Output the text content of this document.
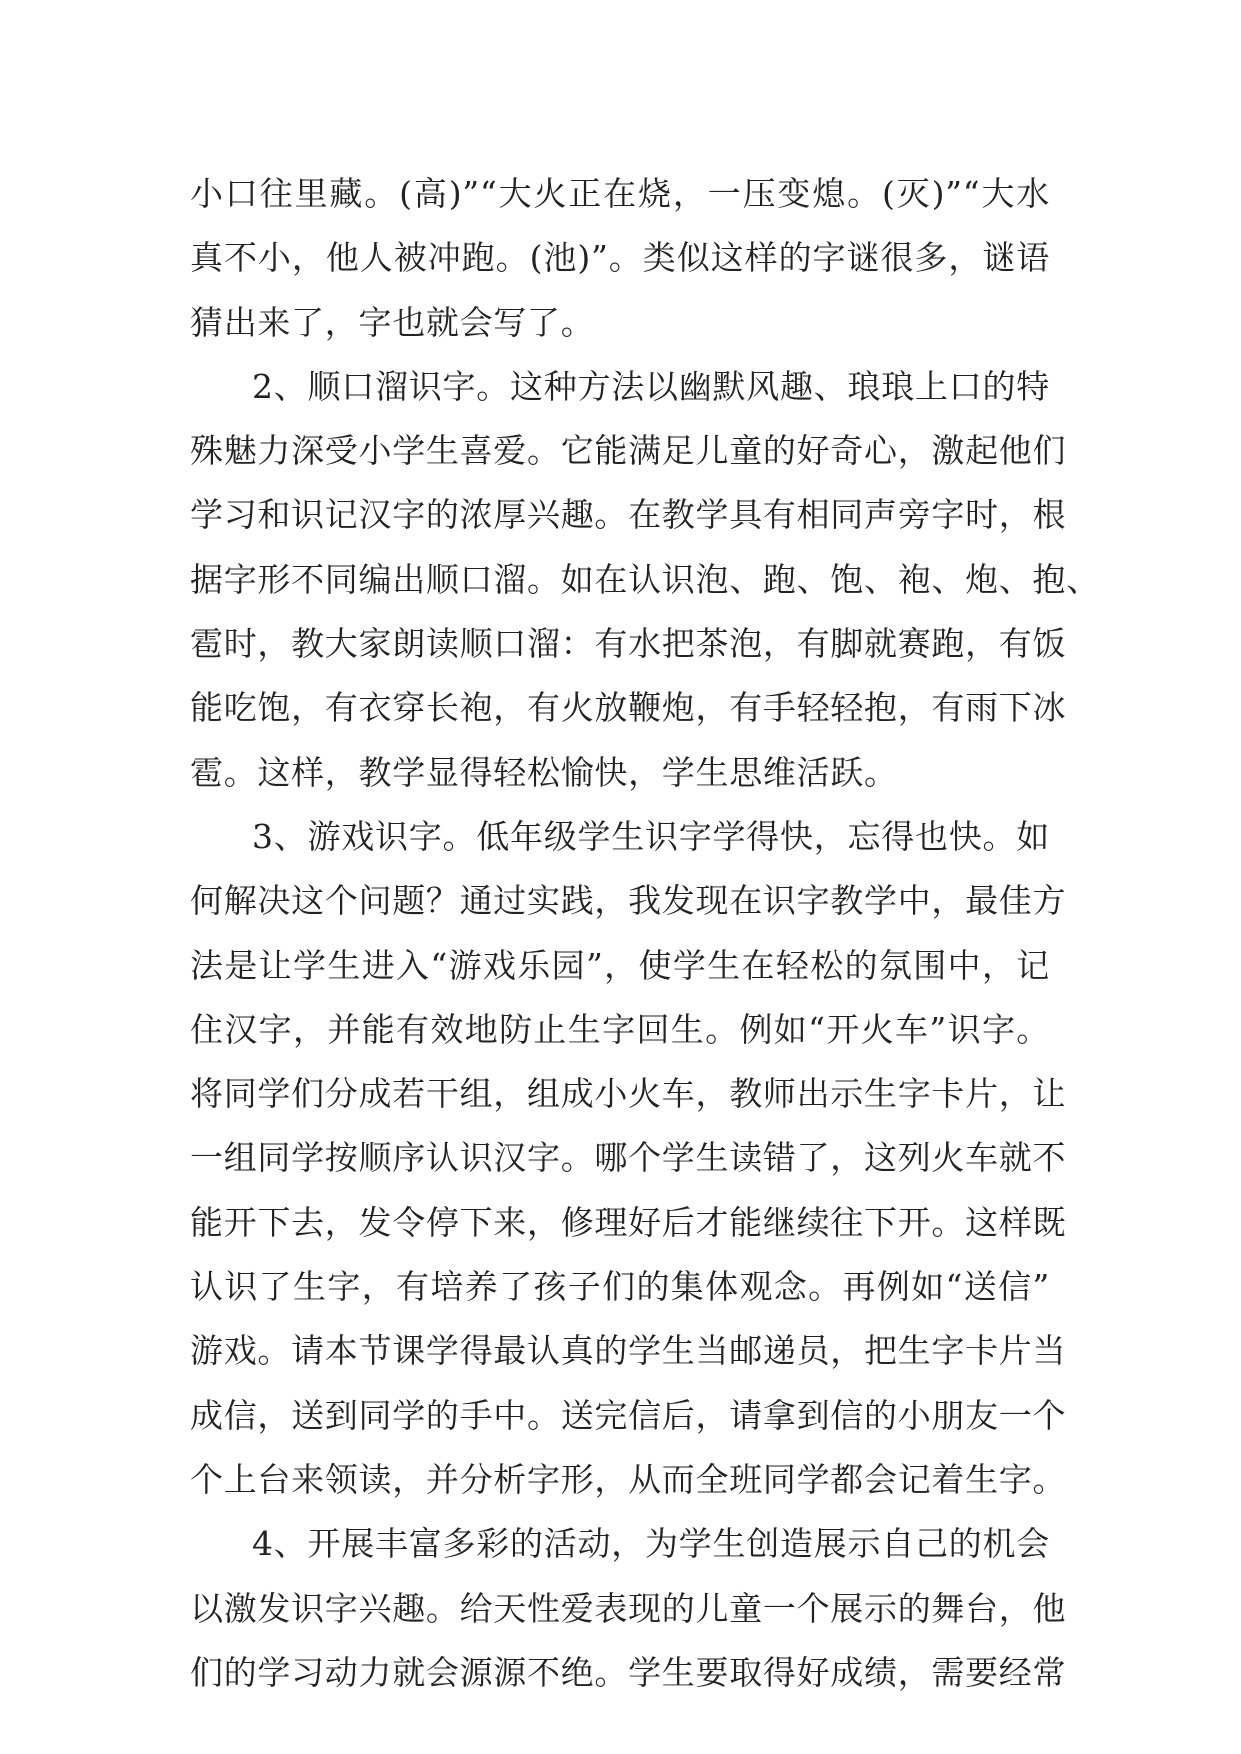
小口往里藏。(高)”“大火正在烧，一压变熄。(灭)”“大水
真不小，他人被冲跑。(池)”。类似这样的字谜很多，谜语
猜出来了，字也就会写了。
2、顺口溜识字。这种方法以幽默风趣、琅琅上口的特
殊魅力深受小学生喜爱。它能满足儿童的好奇心，激起他们
学习和识记汉字的浓厚兴趣。在教学具有相同声旁字时，根
据字形不同编出顺口溜。如在认识泡、跑、饱、袍、炮、抱、
雹时，教大家朗读顺口溜：有水把茶泡，有脚就赛跑，有饭
能吃饱，有衣穿长袍，有火放鞭炮，有手轻轻抱，有雨下冰
雹。这样，教学显得轻松愉快，学生思维活跃。
3、游戏识字。低年级学生识字学得快，忘得也快。如
何解决这个问题？通过实践，我发现在识字教学中，最佳方
法是让学生进入“游戏乐园”，使学生在轻松的氛围中，记
住汉字，并能有效地防止生字回生。例如“开火车”识字。
将同学们分成若干组，组成小火车，教师出示生字卡片，让
一组同学按顺序认识汉字。哪个学生读错了，这列火车就不
能开下去，发令停下来，修理好后才能继续往下开。这样既
认识了生字，有培养了孩子们的集体观念。再例如“送信”
游戏。请本节课学得最认真的学生当邮递员，把生字卡片当
成信，送到同学的手中。送完信后，请拿到信的小朋友一个
个上台来领读，并分析字形，从而全班同学都会记着生字。
4、开展丰富多彩的活动，为学生创造展示自己的机会
以激发识字兴趣。给天性爱表现的儿童一个展示的舞台，他
们的学习动力就会源源不绝。学生要取得好成绩，需要经常
